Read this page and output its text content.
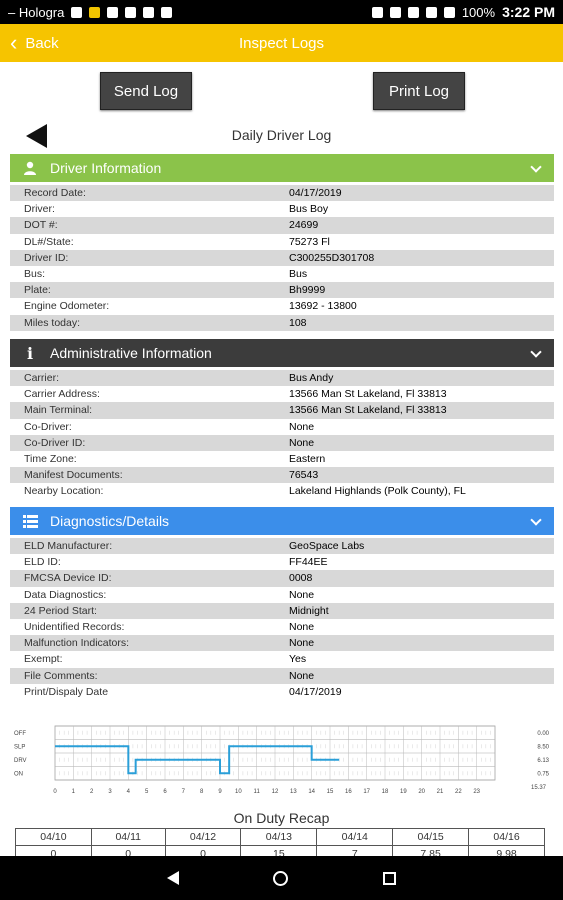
– Hologra	100% 3:22 PM
‹ Back	Inspect Logs
Send Log	Print Log
Daily Driver Log
Driver Information
Record Date:	04/17/2019
Driver:	Bus Boy
DOT #:	24699
DL#/State:	75273 Fl
Driver ID:	C300255D301708
Bus:	Bus
Plate:	Bh9999
Engine Odometer:	13692 - 13800
Miles today:	108
i	Administrative Information
Carrier:	Bus Andy
Carrier Address:	13566 Man St Lakeland, Fl 33813
Main Terminal:	13566 Man St Lakeland, Fl 33813
Co-Driver:	None
Co-Driver ID:	None
Time Zone:	Eastern
Manifest Documents:	76543
Nearby Location:	Lakeland Highlands (Polk County), FL
Diagnostics/Details
ELD Manufacturer:	GeoSpace Labs
ELD ID:	FF44EE
FMCSA Device ID:	0008
Data Diagnostics:	None
24 Period Start:	Midnight
Unidentified Records:	None
Malfunction Indicators:	None
Exempt:	Yes
File Comments:	None
Print/Dispaly Date	04/17/2019
OFF
SLP
DRV
ON
0 1 2 3 4 5 6 7 8 9 10 11 12 13 14 15 16 17 18 19 20 21 22 23
0.00
8.50
6.13
0.75
15.37
On Duty Recap
04/10	04/11	04/12	04/13	04/14	04/15	04/16
0	0	0	15	7	7.85	9.98
